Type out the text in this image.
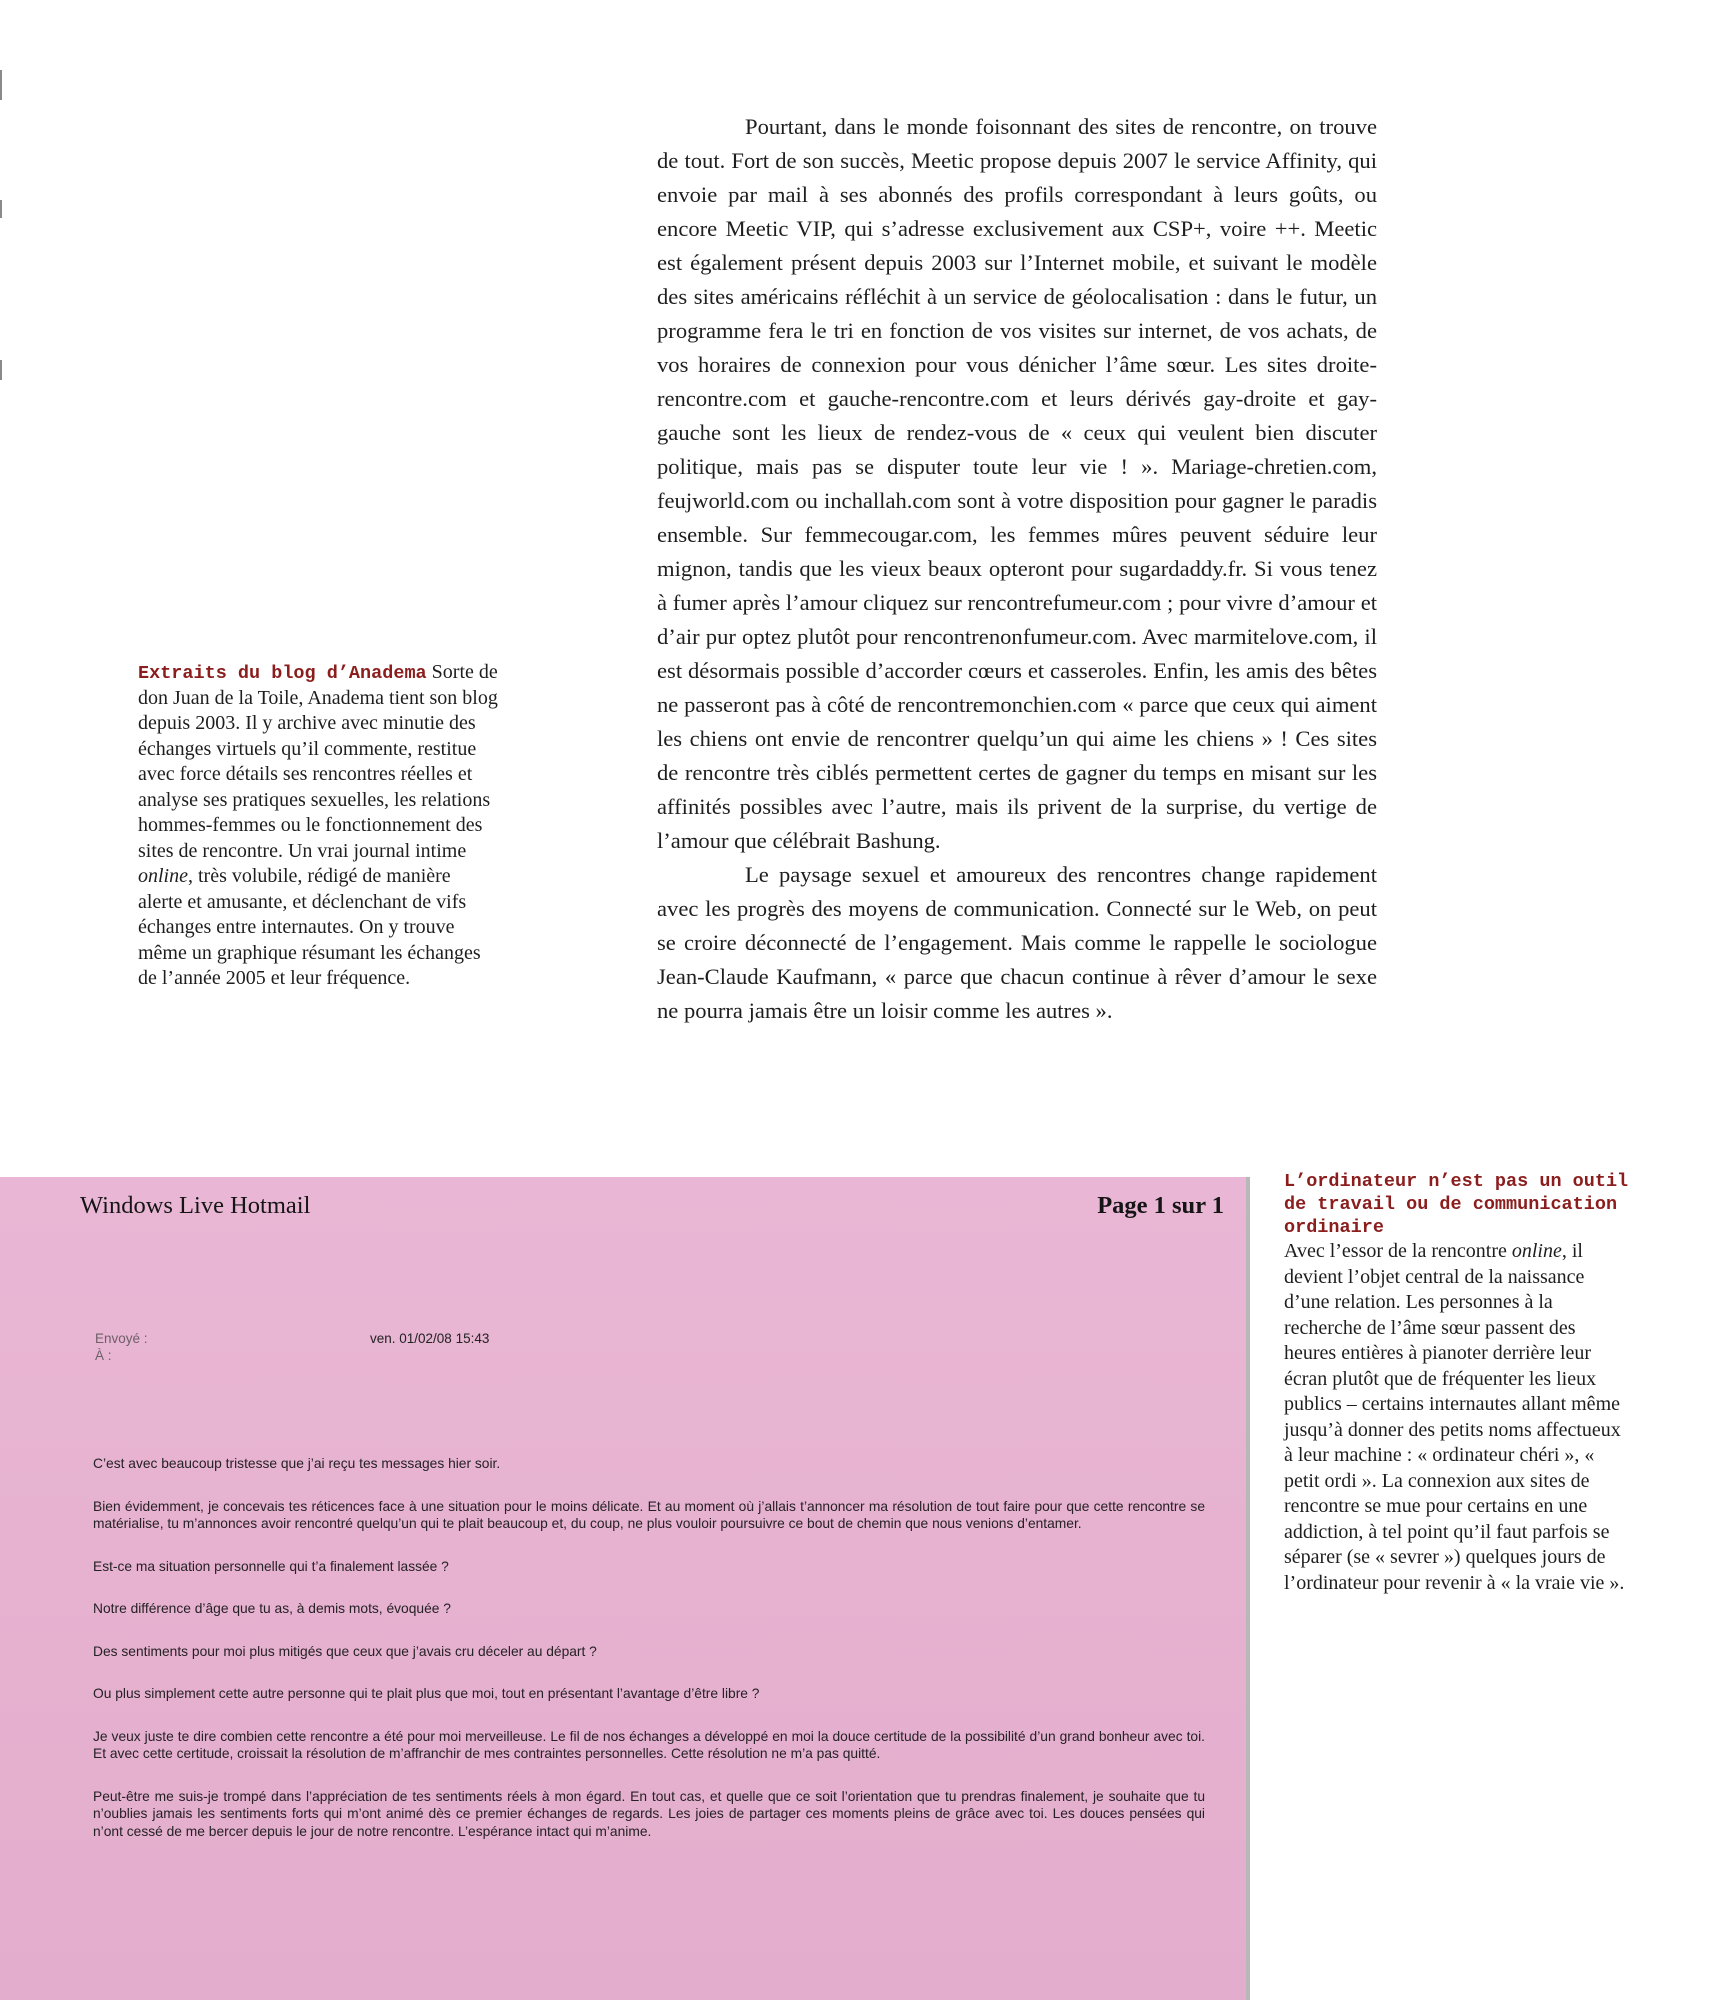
Pourtant, dans le monde foisonnant des sites de rencontre, on trouve de tout. Fort de son succès, Meetic propose depuis 2007 le service Affinity, qui envoie par mail à ses abonnés des profils correspondant à leurs goûts, ou encore Meetic VIP, qui s’adresse exclusivement aux CSP+, voire ++. Meetic est également présent depuis 2003 sur l’Internet mobile, et suivant le modèle des sites américains réfléchit à un service de géolocalisation : dans le futur, un programme fera le tri en fonction de vos visites sur internet, de vos achats, de vos horaires de connexion pour vous dénicher l’âme sœur. Les sites droite-rencontre.com et gauche-rencontre.com et leurs dérivés gay-droite et gay-gauche sont les lieux de rendez-vous de « ceux qui veulent bien discuter politique, mais pas se disputer toute leur vie ! ». Mariage-chretien.com, feujworld.com ou inchallah.com sont à votre disposition pour gagner le paradis ensemble. Sur femmecougar.com, les femmes mûres peuvent séduire leur mignon, tandis que les vieux beaux opteront pour sugardaddy.fr. Si vous tenez à fumer après l’amour cliquez sur rencontrefumeur.com ; pour vivre d’amour et d’air pur optez plutôt pour rencontrenonfumeur.com. Avec marmitelove.com, il est désormais possible d’accorder cœurs et casseroles. Enfin, les amis des bêtes ne passeront pas à côté de rencontremonchien.com « parce que ceux qui aiment les chiens ont envie de rencontrer quelqu’un qui aime les chiens » ! Ces sites de rencontre très ciblés permettent certes de gagner du temps en misant sur les affinités possibles avec l’autre, mais ils privent de la surprise, du vertige de l’amour que célébrait Bashung.

Le paysage sexuel et amoureux des rencontres change rapidement avec les progrès des moyens de communication. Connecté sur le Web, on peut se croire déconnecté de l’engagement. Mais comme le rappelle le sociologue Jean-Claude Kaufmann, « parce que chacun continue à rêver d’amour le sexe ne pourra jamais être un loisir comme les autres ».

Extraits du blog d’Anadema Sorte de don Juan de la Toile, Anadema tient son blog depuis 2003. Il y archive avec minutie des échanges virtuels qu’il commente, restitue avec force détails ses rencontres réelles et analyse ses pratiques sexuelles, les relations hommes-femmes ou le fonctionnement des sites de rencontre. Un vrai journal intime online, très volubile, rédigé de manière alerte et amusante, et déclenchant de vifs échanges entre internautes. On y trouve même un graphique résumant les échanges de l’année 2005 et leur fréquence.
Windows Live Hotmail	Page 1 sur 1
Envoyé :
À :
ven. 01/02/08 15:43

C’est avec beaucoup tristesse que j’ai reçu tes messages hier soir.

Bien évidemment, je concevais tes réticences face à une situation pour le moins délicate. Et au moment où j’allais t’annoncer ma résolution de tout faire pour que cette rencontre se matérialise, tu m’annonces avoir rencontré quelqu’un qui te plait beaucoup et, du coup, ne plus vouloir poursuivre ce bout de chemin que nous venions d’entamer.

Est-ce ma situation personnelle qui t’a finalement lassée ?

Notre différence d’âge que tu as, à demis mots, évoquée ?

Des sentiments pour moi plus mitigés que ceux que j’avais cru déceler au départ ?

Ou plus simplement cette autre personne qui te plait plus que moi, tout en présentant l’avantage d’être libre ?

Je veux juste te dire combien cette rencontre a été pour moi merveilleuse. Le fil de nos échanges a développé en moi la douce certitude de la possibilité d’un grand bonheur avec toi. Et avec cette certitude, croissait la résolution de m’affranchir de mes contraintes personnelles. Cette résolution ne m’a pas quitté.

Peut-être me suis-je trompé dans l’appréciation de tes sentiments réels à mon égard. En tout cas, et quelle que ce soit l’orientation que tu prendras finalement, je souhaite que tu n’oublies jamais les sentiments forts qui m’ont animé dès ce premier échanges de regards. Les joies de partager ces moments pleins de grâce avec toi. Les douces pensées qui n’ont cessé de me bercer depuis le jour de notre rencontre. L’espérance intact qui m’anime.

L’ordinateur n’est pas un outil de travail ou de communication ordinaire
Avec l’essor de la rencontre online, il devient l’objet central de la naissance d’une relation. Les personnes à la recherche de l’âme sœur passent des heures entières à pianoter derrière leur écran plutôt que de fréquenter les lieux publics – certains internautes allant même jusqu’à donner des petits noms affectueux à leur machine : « ordinateur chéri », « petit ordi ». La connexion aux sites de rencontre se mue pour certains en une addiction, à tel point qu’il faut parfois se séparer (se « sevrer ») quelques jours de l’ordinateur pour revenir à « la vraie vie ».
